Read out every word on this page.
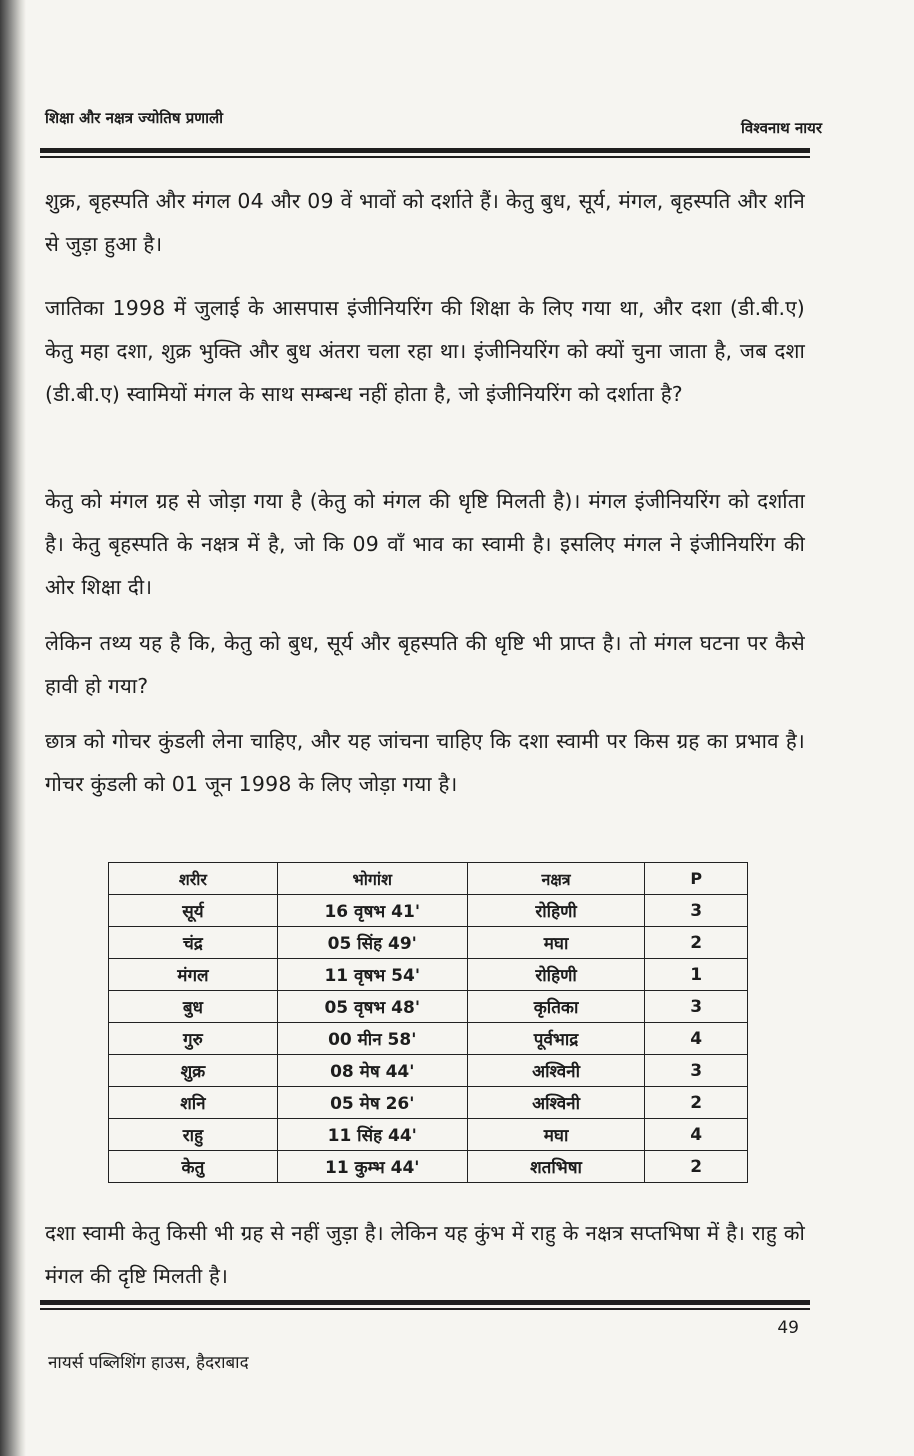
शिक्षा और नक्षत्र ज्योतिष प्रणाली
विश्वनाथ नायर
शुक्र, बृहस्पति और मंगल 04 और 09 वें भावों को दर्शाते हैं। केतु बुध, सूर्य, मंगल, बृहस्पति और शनि से जुड़ा हुआ है।
जातिका 1998 में जुलाई के आसपास इंजीनियरिंग की शिक्षा के लिए गया था, और दशा (डी.बी.ए) केतु महा दशा, शुक्र भुक्ति और बुध अंतरा चला रहा था। इंजीनियरिंग को क्यों चुना जाता है, जब दशा (डी.बी.ए) स्वामियों मंगल के साथ सम्बन्ध नहीं होता है, जो इंजीनियरिंग को दर्शाता है?
केतु को मंगल ग्रह से जोड़ा गया है (केतु को मंगल की धृष्टि मिलती है)। मंगल इंजीनियरिंग को दर्शाता है। केतु बृहस्पति के नक्षत्र में है, जो कि 09 वाँ भाव का स्वामी है। इसलिए मंगल ने इंजीनियरिंग की ओर शिक्षा दी।
लेकिन तथ्य यह है कि, केतु को बुध, सूर्य और बृहस्पति की धृष्टि भी प्राप्त है। तो मंगल घटना पर कैसे हावी हो गया?
छात्र को गोचर कुंडली लेना चाहिए, और यह जांचना चाहिए कि दशा स्वामी पर किस ग्रह का प्रभाव है। गोचर कुंडली को 01 जून 1998 के लिए जोड़ा गया है।
शरीर	भोगांश	नक्षत्र	P
सूर्य	16 वृषभ 41'	रोहिणी	3
चंद्र	05 सिंह 49'	मघा	2
मंगल	11 वृषभ 54'	रोहिणी	1
बुध	05 वृषभ 48'	कृतिका	3
गुरु	00 मीन 58'	पूर्वभाद्र	4
शुक्र	08 मेष 44'	अश्विनी	3
शनि	05 मेष 26'	अश्विनी	2
राहु	11 सिंह 44'	मघा	4
केतु	11 कुम्भ 44'	शतभिषा	2
दशा स्वामी केतु किसी भी ग्रह से नहीं जुड़ा है। लेकिन यह कुंभ में राहु के नक्षत्र सप्तभिषा में है। राहु को मंगल की दृष्टि मिलती है।
49
नायर्स पब्लिशिंग हाउस, हैदराबाद
